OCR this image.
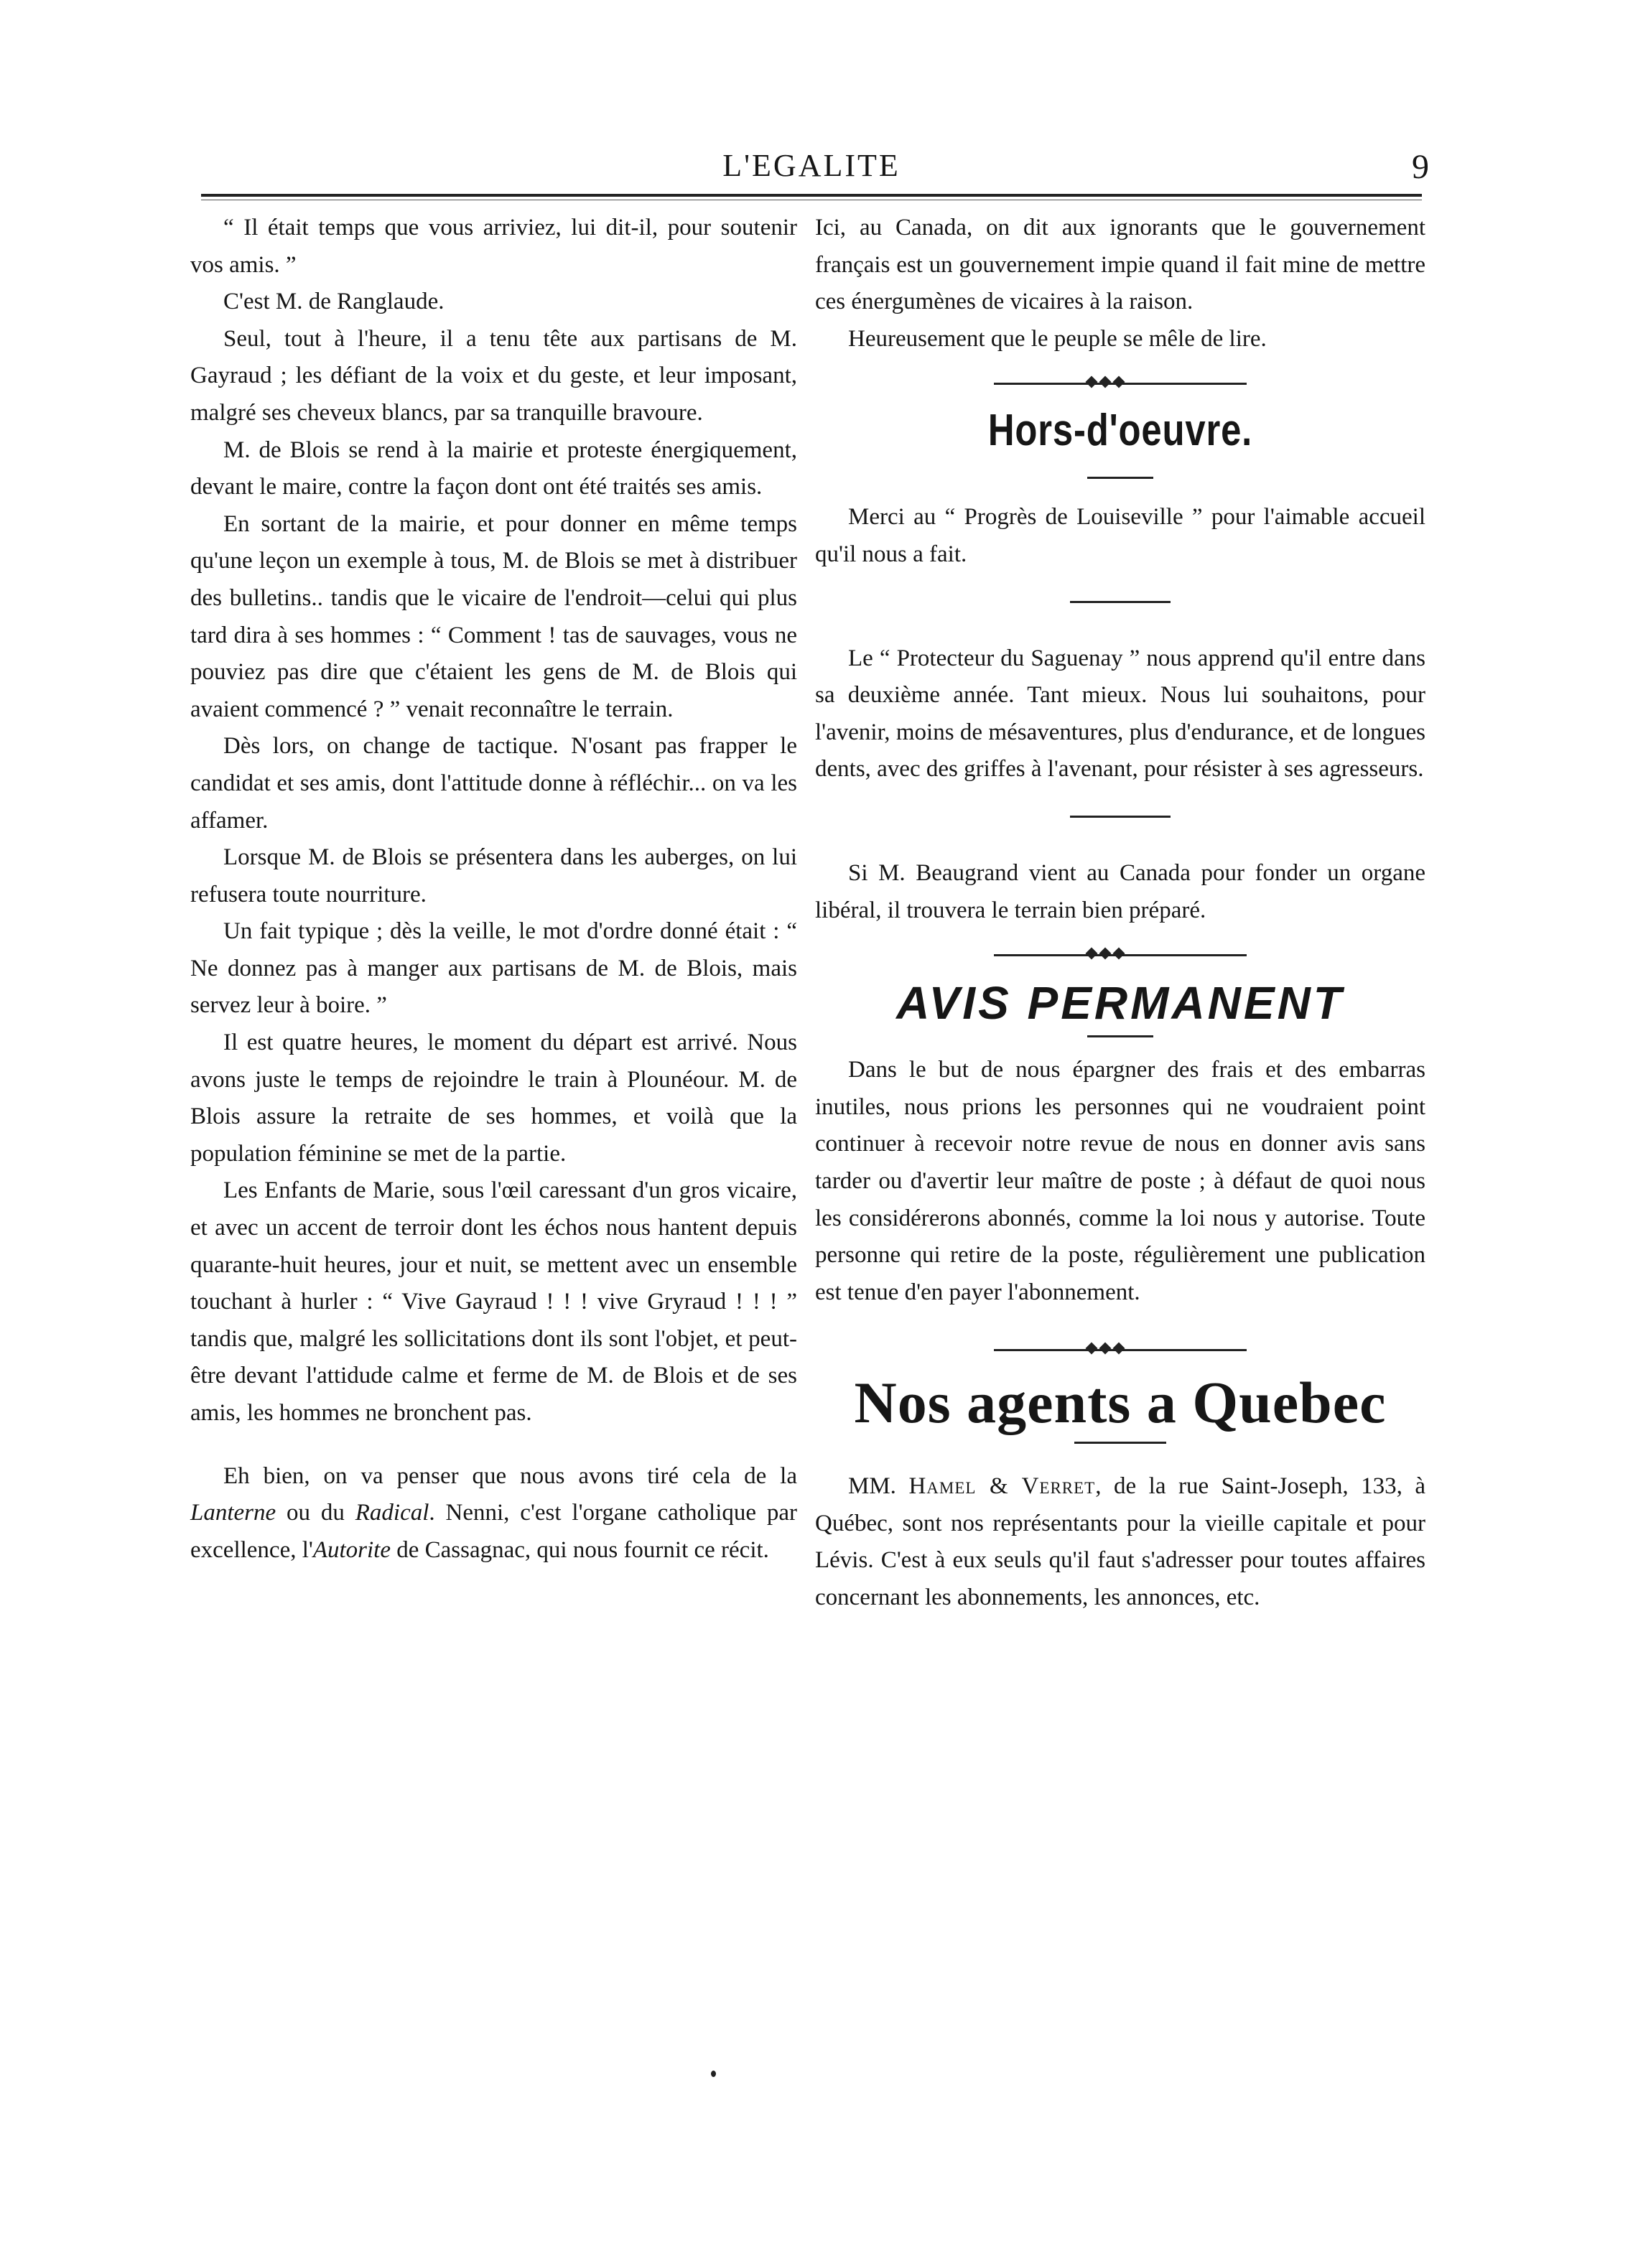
L'EGALITE	9

“ Il était temps que vous arriviez, lui dit-il, pour soutenir vos amis. ”

C'est M. de Ranglaude.

Seul, tout à l'heure, il a tenu tête aux partisans de M. Gayraud ; les défiant de la voix et du geste, et leur imposant, malgré ses cheveux blancs, par sa tranquille bravoure.

M. de Blois se rend à la mairie et proteste énergiquement, devant le maire, contre la façon dont ont été traités ses amis.

En sortant de la mairie, et pour donner en même temps qu'une leçon un exemple à tous, M. de Blois se met à distribuer des bulletins.. tandis que le vicaire de l'endroit—celui qui plus tard dira à ses hommes : “ Comment ! tas de sauvages, vous ne pouviez pas dire que c'étaient les gens de M. de Blois qui avaient commencé ? ” venait reconnaître le terrain.

Dès lors, on change de tactique. N'osant pas frapper le candidat et ses amis, dont l'attitude donne à réfléchir... on va les affamer.

Lorsque M. de Blois se présentera dans les auberges, on lui refusera toute nourriture.

Un fait typique ; dès la veille, le mot d'ordre donné était : “ Ne donnez pas à manger aux partisans de M. de Blois, mais servez leur à boire. ”

Il est quatre heures, le moment du départ est arrivé. Nous avons juste le temps de rejoindre le train à Plounéour. M. de Blois assure la retraite de ses hommes, et voilà que la population féminine se met de la partie.

Les Enfants de Marie, sous l'œil caressant d'un gros vicaire, et avec un accent de terroir dont les échos nous hantent depuis quarante-huit heures, jour et nuit, se mettent avec un ensemble touchant à hurler : “ Vive Gayraud ! ! ! vive Gryraud ! ! ! ” tandis que, malgré les sollicitations dont ils sont l'objet, et peut-être devant l'attidude calme et ferme de M. de Blois et de ses amis, les hommes ne bronchent pas.

Eh bien, on va penser que nous avons tiré cela de la Lanterne ou du Radical. Nenni, c'est l'organe catholique par excellence, l'Autorite de Cassagnac, qui nous fournit ce récit.

Ici, au Canada, on dit aux ignorants que le gouvernement français est un gouvernement impie quand il fait mine de mettre ces énergumènes de vicaires à la raison.

Heureusement que le peuple se mêle de lire.

Hors-d'oeuvre.

Merci au “ Progrès de Louiseville ” pour l'aimable accueil qu'il nous a fait.

Le “ Protecteur du Saguenay ” nous apprend qu'il entre dans sa deuxième année. Tant mieux. Nous lui souhaitons, pour l'avenir, moins de mésaventures, plus d'endurance, et de longues dents, avec des griffes à l'avenant, pour résister à ses agresseurs.

Si M. Beaugrand vient au Canada pour fonder un organe libéral, il trouvera le terrain bien préparé.

AVIS PERMANENT

Dans le but de nous épargner des frais et des embarras inutiles, nous prions les personnes qui ne voudraient point continuer à recevoir notre revue de nous en donner avis sans tarder ou d'avertir leur maître de poste ; à défaut de quoi nous les considérerons abonnés, comme la loi nous y autorise. Toute personne qui retire de la poste, régulièrement une publication est tenue d'en payer l'abonnement.

Nos agents a Quebec

MM. Hamel & Verret, de la rue Saint-Joseph, 133, à Québec, sont nos représentants pour la vieille capitale et pour Lévis. C'est à eux seuls qu'il faut s'adresser pour toutes affaires concernant les abonnements, les annonces, etc.
